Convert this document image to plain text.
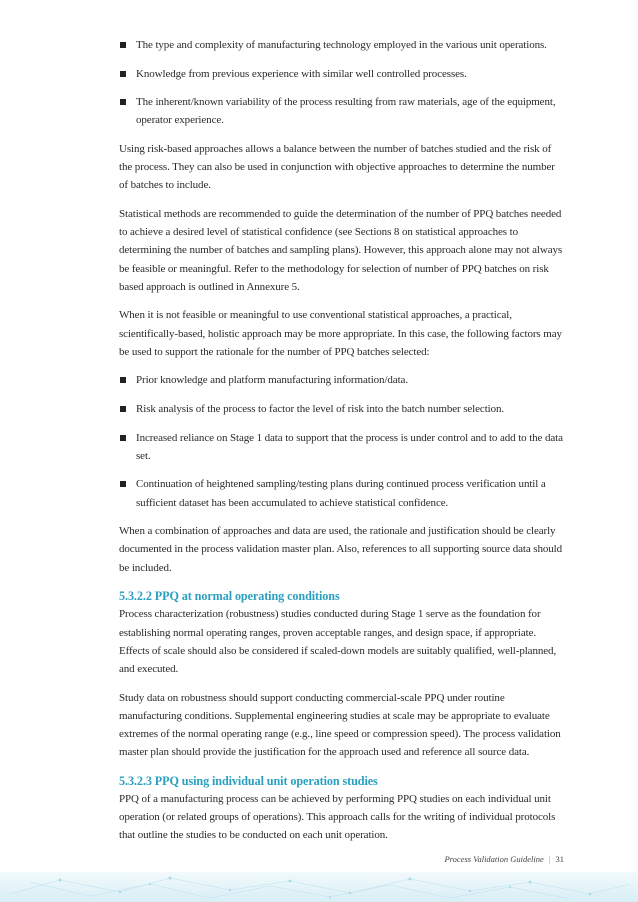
The type and complexity of manufacturing technology employed in the various unit operations.
Knowledge from previous experience with similar well controlled processes.
The inherent/known variability of the process resulting from raw materials, age of the equipment, operator experience.

Using risk-based approaches allows a balance between the number of batches studied and the risk of the process. They can also be used in conjunction with objective approaches to determine the number of batches to include.

Statistical methods are recommended to guide the determination of the number of PPQ batches needed to achieve a desired level of statistical confidence (see Sections 8 on statistical approaches to determining the number of batches and sampling plans). However, this approach alone may not always be feasible or meaningful. Refer to the methodology for selection of number of PPQ batches on risk based approach is outlined in Annexure 5.

When it is not feasible or meaningful to use conventional statistical approaches, a practical, scientifically-based, holistic approach may be more appropriate. In this case, the following factors may be used to support the rationale for the number of PPQ batches selected:

Prior knowledge and platform manufacturing information/data.
Risk analysis of the process to factor the level of risk into the batch number selection.
Increased reliance on Stage 1 data to support that the process is under control and to add to the data set.
Continuation of heightened sampling/testing plans during continued process verification until a sufficient dataset has been accumulated to achieve statistical confidence.

When a combination of approaches and data are used, the rationale and justification should be clearly documented in the process validation master plan. Also, references to all supporting source data should be included.

5.3.2.2 PPQ at normal operating conditions

Process characterization (robustness) studies conducted during Stage 1 serve as the foundation for establishing normal operating ranges, proven acceptable ranges, and design space, if appropriate. Effects of scale should also be considered if scaled-down models are suitably qualified, well-planned, and executed.

Study data on robustness should support conducting commercial-scale PPQ under routine manufacturing conditions. Supplemental engineering studies at scale may be appropriate to evaluate extremes of the normal operating range (e.g., line speed or compression speed). The process validation master plan should provide the justification for the approach used and reference all source data.

5.3.2.3 PPQ using individual unit operation studies

PPQ of a manufacturing process can be achieved by performing PPQ studies on each individual unit operation (or related groups of operations). This approach calls for the writing of individual protocols that outline the studies to be conducted on each unit operation.

Process Validation Guideline | 31
